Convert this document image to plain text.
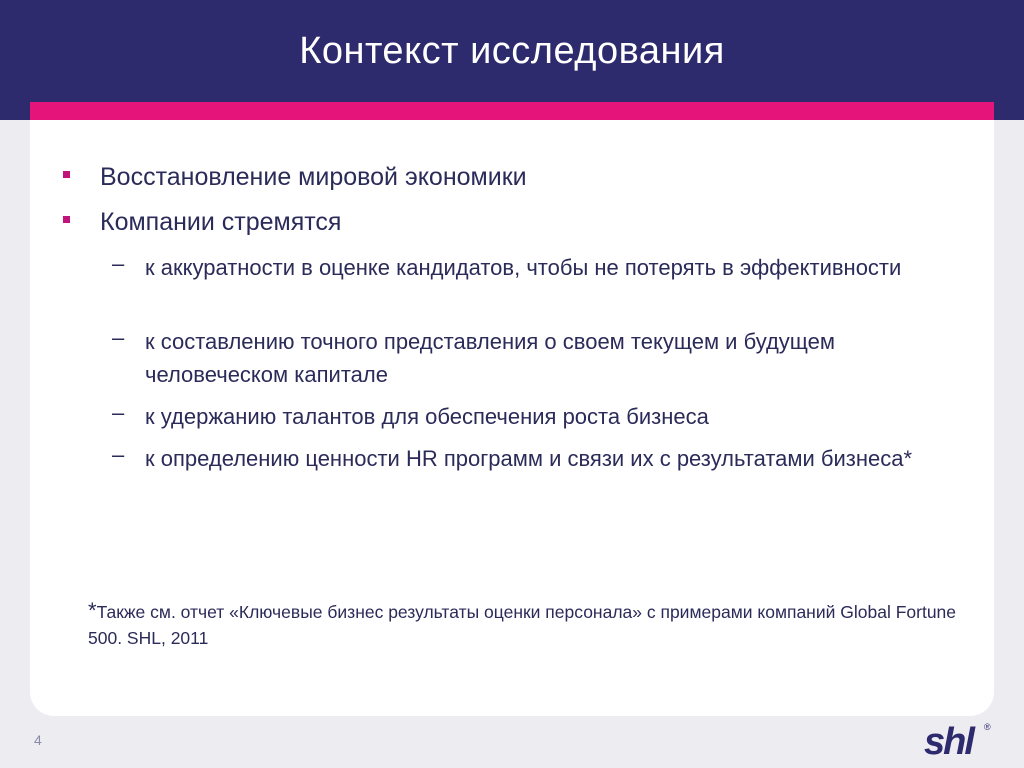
Контекст исследования
Восстановление мировой экономики
Компании стремятся
– к аккуратности в оценке кандидатов, чтобы не потерять в эффективности
– к составлению точного представления о своем текущем и будущем человеческом капитале
– к удержанию талантов для обеспечения роста бизнеса
– к определению ценности HR программ и связи их с результатами бизнеса*
*Также см. отчет «Ключевые бизнес результаты оценки персонала» с примерами компаний Global Fortune 500. SHL, 2011
4	shl	®
